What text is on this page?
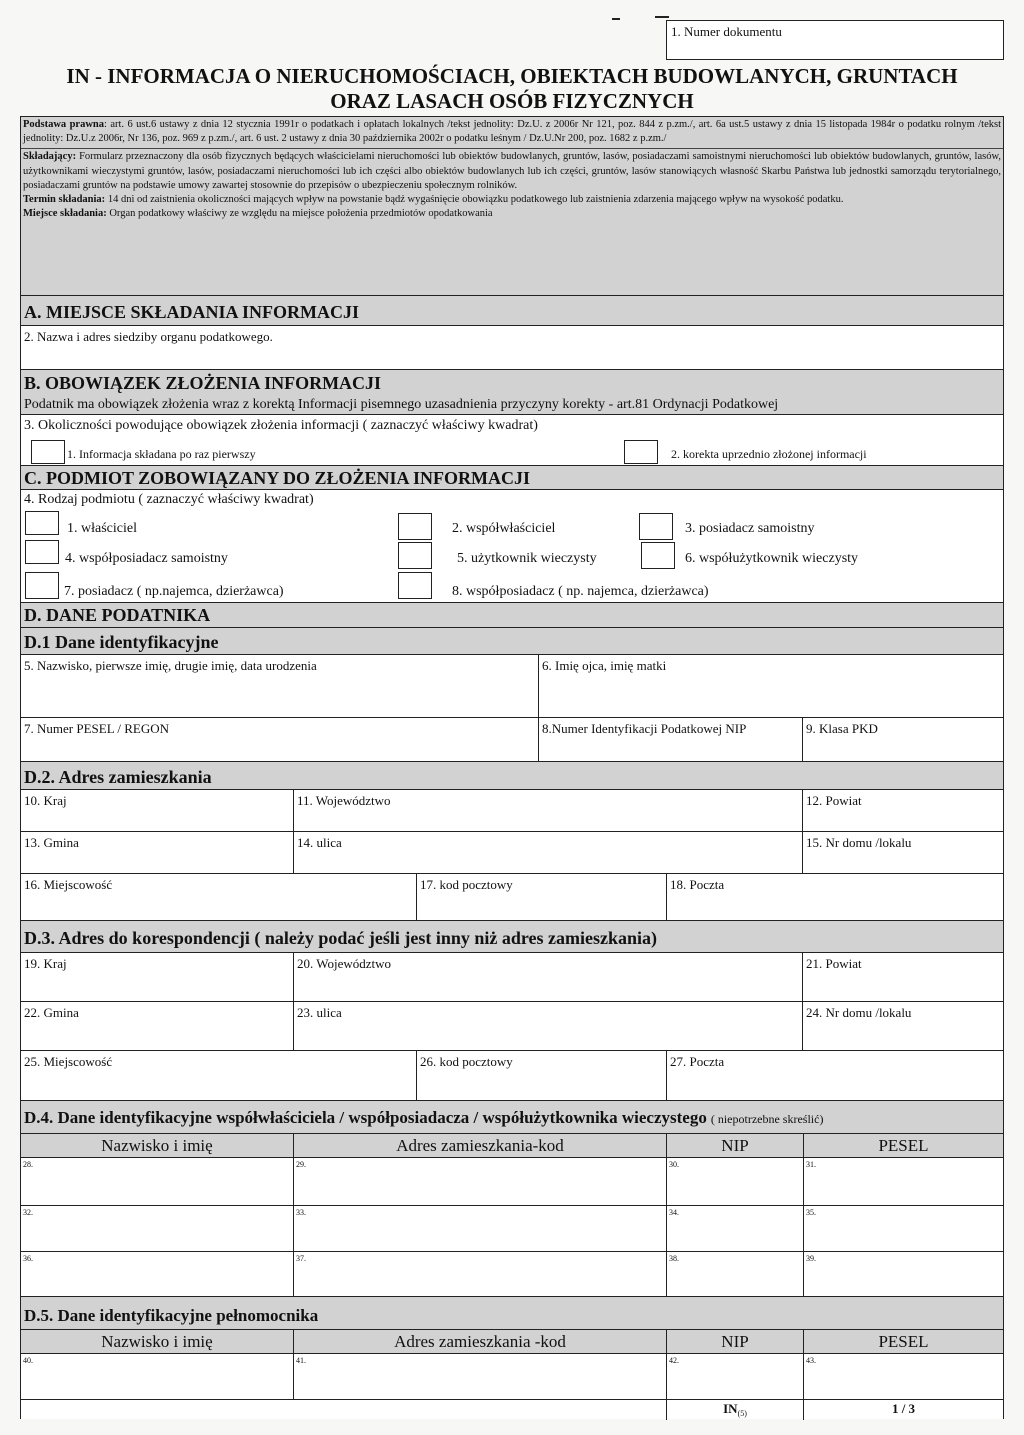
1. Numer dokumentu
IN - INFORMACJA O NIERUCHOMOŚCIACH, OBIEKTACH BUDOWLANYCH, GRUNTACH
ORAZ LASACH OSÓB FIZYCZNYCH

Podstawa prawna: art. 6 ust.6 ustawy z dnia 12 stycznia 1991r o podatkach i opłatach lokalnych /tekst jednolity: Dz.U. z 2006r Nr 121, poz. 844 z p.zm./, art. 6a ust.5 ustawy z dnia 15 listopada 1984r o podatku rolnym /tekst jednolity: Dz.U.z 2006r, Nr 136, poz. 969 z p.zm./, art. 6 ust. 2 ustawy z dnia 30 października 2002r o podatku leśnym / Dz.U.Nr 200, poz. 1682 z p.zm./

Składający: Formularz przeznaczony dla osób fizycznych będących właścicielami nieruchomości lub obiektów budowlanych, gruntów, lasów, posiadaczami samoistnymi nieruchomości lub obiektów budowlanych, gruntów, lasów, użytkownikami wieczystymi gruntów, lasów, posiadaczami nieruchomości lub ich części albo obiektów budowlanych lub ich części, gruntów, lasów stanowiących własność Skarbu Państwa lub jednostki samorządu terytorialnego, posiadaczami gruntów na podstawie umowy zawartej stosownie do przepisów o ubezpieczeniu społecznym rolników.

Termin składania: 14 dni od zaistnienia okoliczności mających wpływ na powstanie bądź wygaśnięcie obowiązku podatkowego lub zaistnienia zdarzenia mającego wpływ na wysokość podatku.

Miejsce składania: Organ podatkowy właściwy ze względu na miejsce położenia przedmiotów opodatkowania

A. MIEJSCE SKŁADANIA INFORMACJI
2. Nazwa i adres siedziby organu podatkowego.
B. OBOWIĄZEK ZŁOŻENIA INFORMACJI
Podatnik ma obowiązek złożenia wraz z korektą Informacji pisemnego uzasadnienia przyczyny korekty - art.81 Ordynacji Podatkowej
3. Okoliczności powodujące obowiązek złożenia informacji ( zaznaczyć właściwy kwadrat)
1. Informacja składana po raz pierwszy	2. korekta uprzednio złożonej informacji
C. PODMIOT ZOBOWIĄZANY DO ZŁOŻENIA INFORMACJI
4. Rodzaj podmiotu ( zaznaczyć właściwy kwadrat)
1. właściciel	2. współwłaściciel	3. posiadacz samoistny
4. współposiadacz samoistny	5. użytkownik wieczysty	6. współużytkownik wieczysty
7. posiadacz ( np.najemca, dzierżawca)	8. współposiadacz ( np. najemca, dzierżawca)
D. DANE PODATNIKA
D.1 Dane identyfikacyjne
5. Nazwisko, pierwsze imię, drugie imię, data urodzenia	6. Imię ojca, imię matki
7. Numer PESEL / REGON	8.Numer Identyfikacji Podatkowej NIP	9. Klasa PKD
D.2. Adres zamieszkania
10. Kraj	11. Województwo	12. Powiat
13. Gmina	14. ulica	15. Nr domu /lokalu
16. Miejscowość	17. kod pocztowy	18. Poczta
D.3. Adres do korespondencji ( należy podać jeśli jest inny niż adres zamieszkania)
19. Kraj	20. Województwo	21. Powiat
22. Gmina	23. ulica	24. Nr domu /lokalu
25. Miejscowość	26. kod pocztowy	27. Poczta
D.4. Dane identyfikacyjne współwłaściciela / współposiadacza / współużytkownika wieczystego ( niepotrzebne skreślić)
Nazwisko i imię	Adres zamieszkania-kod	NIP	PESEL
28.	29.	30.	31.
32.	33.	34.	35.
36.	37.	38.	39.
D.5. Dane identyfikacyjne pełnomocnika
Nazwisko i imię	Adres zamieszkania -kod	NIP	PESEL
40.	41.	42.	43.
IN(5)	1 / 3
